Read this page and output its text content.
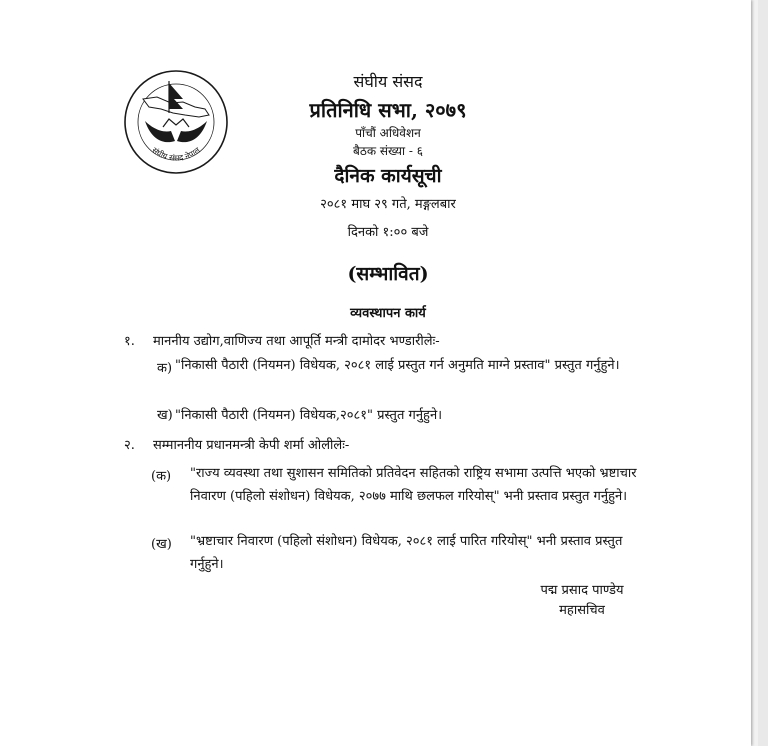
संघीय संसद नेपाल
संघीय संसद
प्रतिनिधि सभा, २०७९
पाँचौं अधिवेशन
बैठक संख्या - ६
दैनिक कार्यसूची
२०८१ माघ २९ गते, मङ्गलबार
दिनको १:०० बजे
(सम्भावित)
व्यवस्थापन कार्य
१. माननीय उद्योग,वाणिज्य तथा आपूर्ति मन्त्री दामोदर भण्डारीलेः-
क) "निकासी पैठारी (नियमन) विधेयक, २०८१ लाई प्रस्तुत गर्न अनुमति माग्ने प्रस्ताव" प्रस्तुत गर्नुहुने।
ख) "निकासी पैठारी (नियमन) विधेयक,२०८१" प्रस्तुत गर्नुहुने।
२. सम्माननीय प्रधानमन्त्री केपी शर्मा ओलीलेः-
(क) "राज्य व्यवस्था तथा सुशासन समितिको प्रतिवेदन सहितको राष्ट्रिय सभामा उत्पत्ति भएको भ्रष्टाचार निवारण (पहिलो संशोधन) विधेयक, २०७७ माथि छलफल गरियोस्" भनी प्रस्ताव प्रस्तुत गर्नुहुने।
(ख) "भ्रष्टाचार निवारण (पहिलो संशोधन) विधेयक, २०८१ लाई पारित गरियोस्" भनी प्रस्ताव प्रस्तुत गर्नुहुने।
पद्म प्रसाद पाण्डेय
महासचिव
